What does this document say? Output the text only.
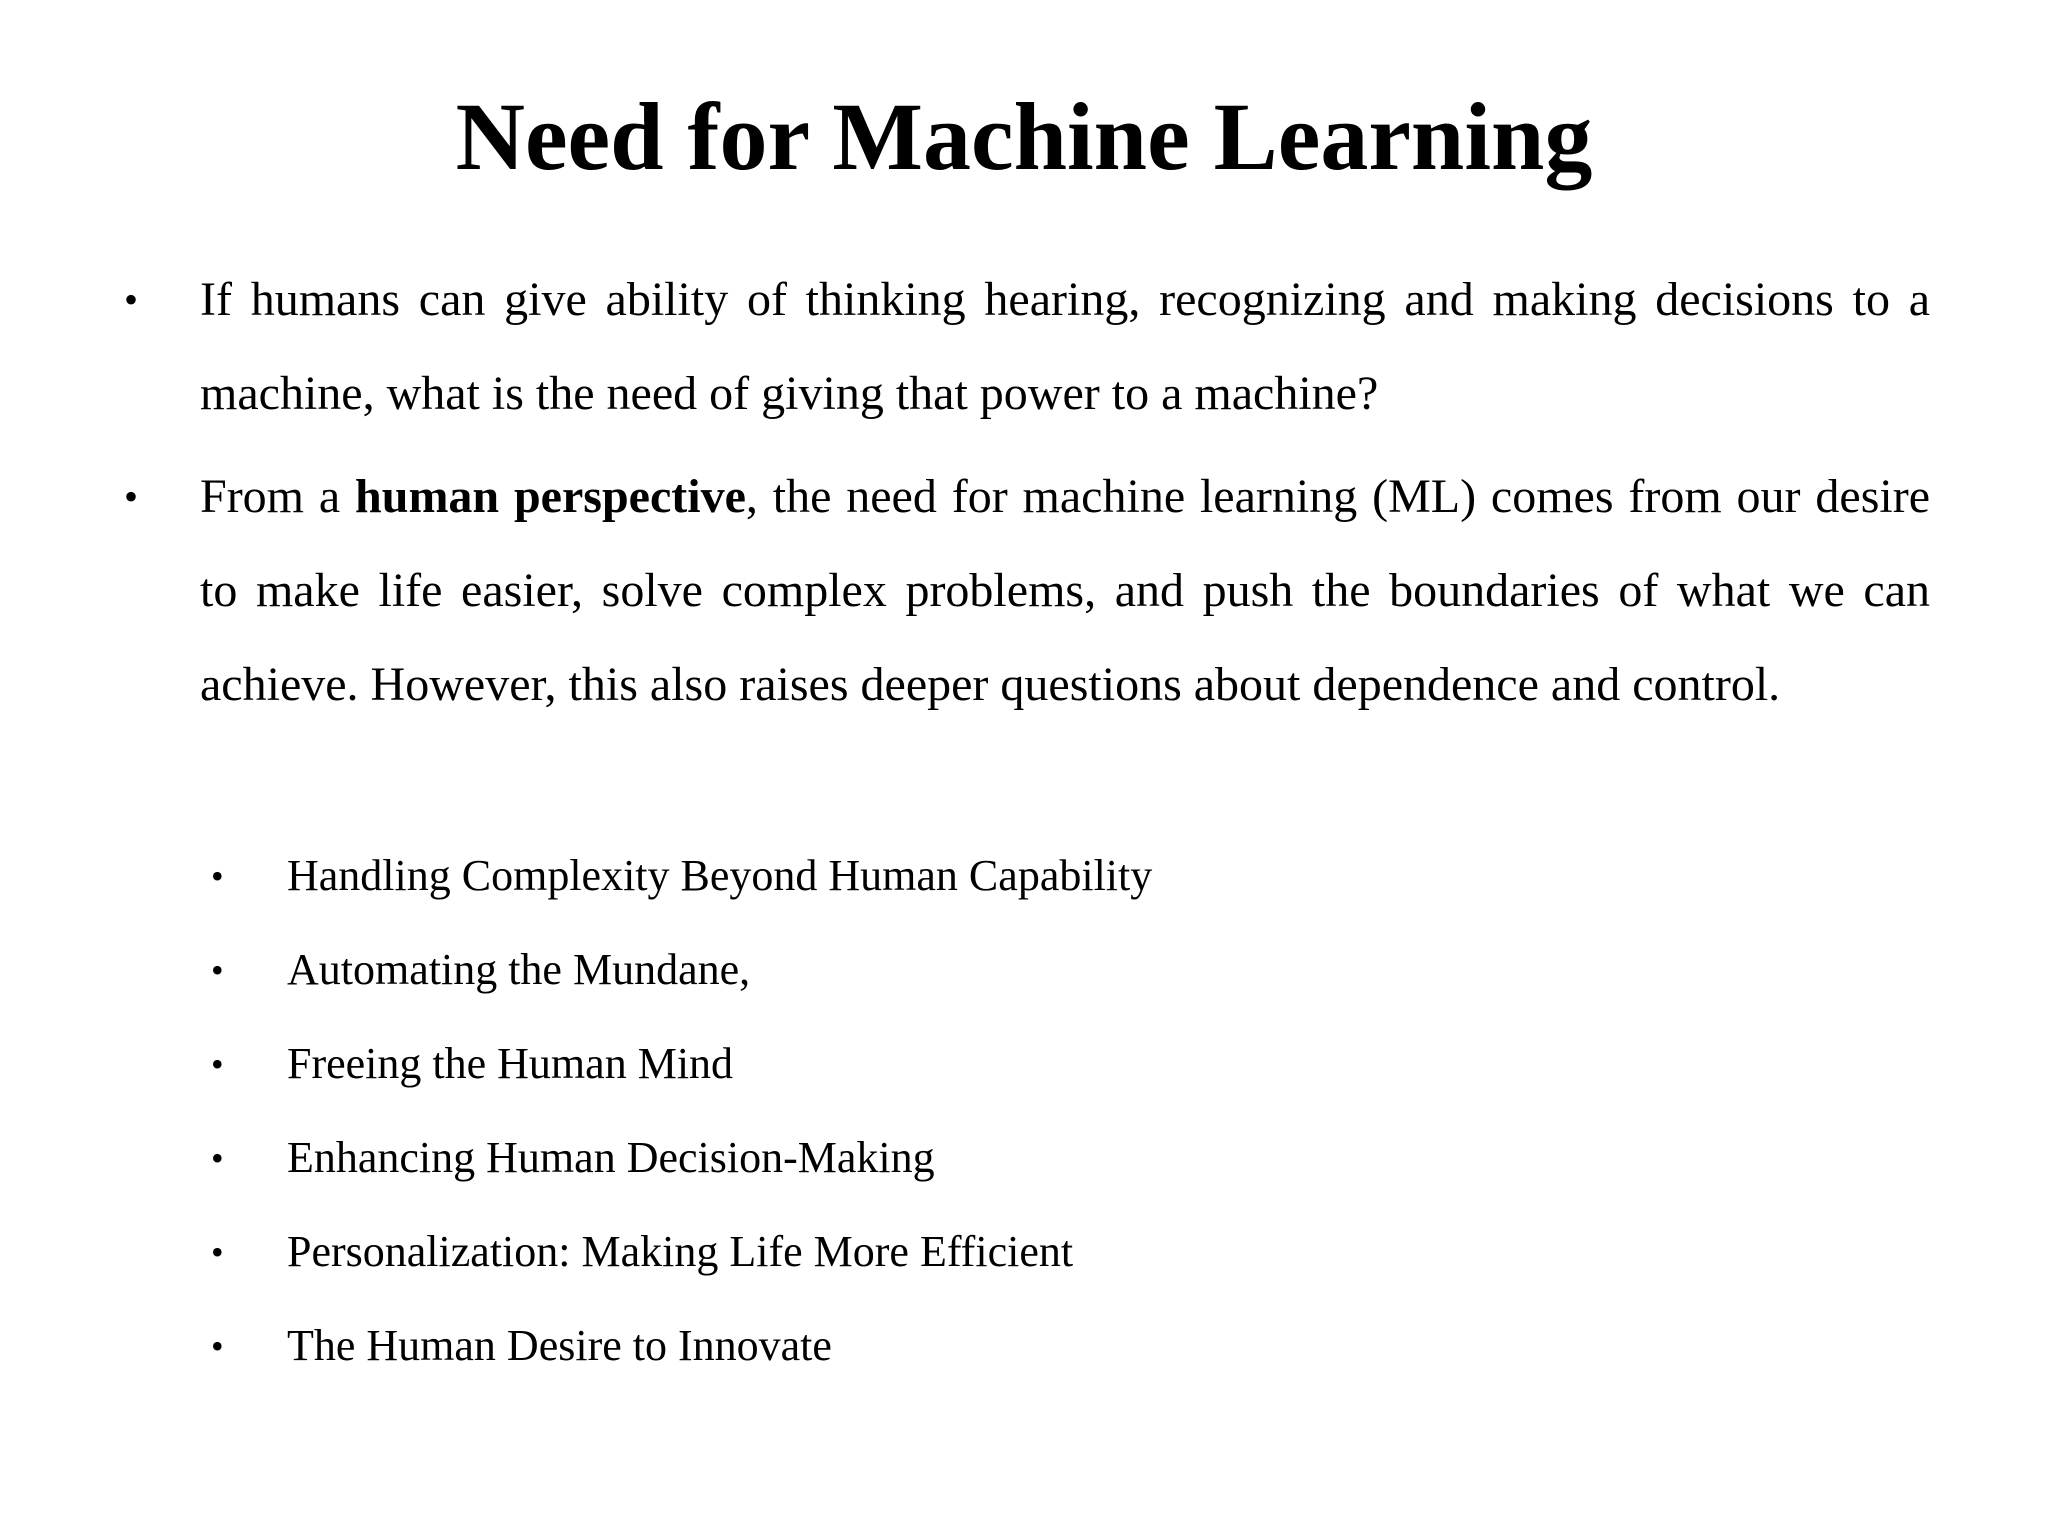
Need for Machine Learning
• If humans can give ability of thinking hearing, recognizing and making decisions to a machine, what is the need of giving that power to a machine?
• From a human perspective, the need for machine learning (ML) comes from our desire to make life easier, solve complex problems, and push the boundaries of what we can achieve. However, this also raises deeper questions about dependence and control.
• Handling Complexity Beyond Human Capability
• Automating the Mundane,
• Freeing the Human Mind
• Enhancing Human Decision-Making
• Personalization: Making Life More Efficient
• The Human Desire to Innovate
